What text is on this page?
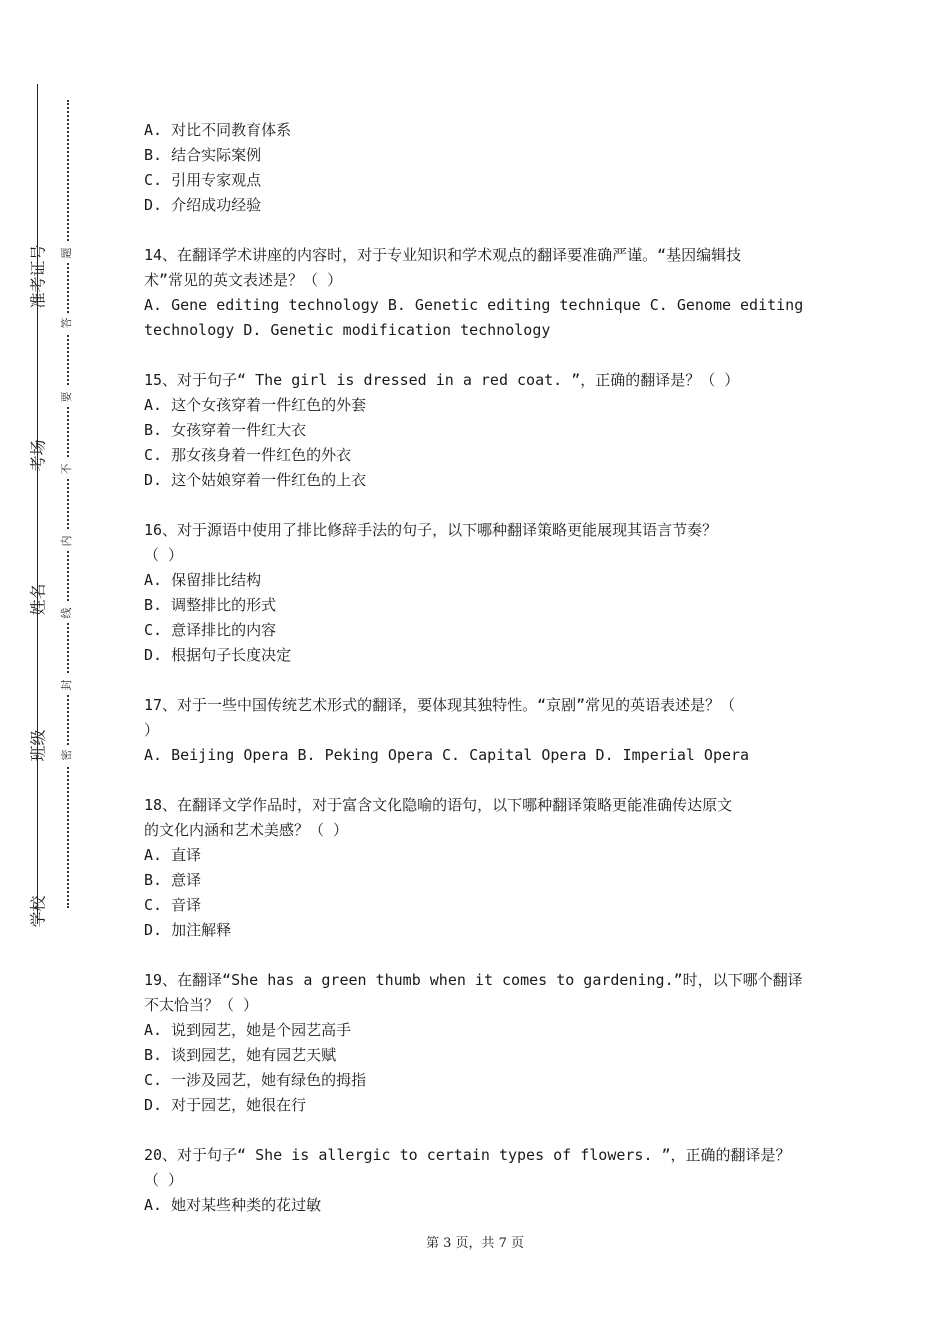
准考证号
考场
姓名
班级
学校
题
答
要
不
内
线
封
密

A. 对比不同教育体系

B. 结合实际案例

C. 引用专家观点

D. 介绍成功经验

14、在翻译学术讲座的内容时，对于专业知识和学术观点的翻译要准确严谨。“基因编辑技

术”常见的英文表述是？（ ）

A. Gene editing technology B. Genetic editing technique C. Genome editing

technology D. Genetic modification technology

15、对于句子“ The girl is dressed in a red coat. ”，正确的翻译是？（ ）

A. 这个女孩穿着一件红色的外套

B. 女孩穿着一件红大衣

C. 那女孩身着一件红色的外衣

D. 这个姑娘穿着一件红色的上衣

16、对于源语中使用了排比修辞手法的句子，以下哪种翻译策略更能展现其语言节奏？

（ ）

A. 保留排比结构

B. 调整排比的形式

C. 意译排比的内容

D. 根据句子长度决定

17、对于一些中国传统艺术形式的翻译，要体现其独特性。“京剧”常见的英语表述是？（

）

A. Beijing Opera B. Peking Opera C. Capital Opera D. Imperial Opera

18、在翻译文学作品时，对于富含文化隐喻的语句，以下哪种翻译策略更能准确传达原文

的文化内涵和艺术美感？（ ）

A. 直译

B. 意译

C. 音译

D. 加注解释

19、在翻译“She has a green thumb when it comes to gardening.”时，以下哪个翻译

不太恰当？（ ）

A. 说到园艺，她是个园艺高手

B. 谈到园艺，她有园艺天赋

C. 一涉及园艺，她有绿色的拇指

D. 对于园艺，她很在行

20、对于句子“ She is allergic to certain types of flowers. ”，正确的翻译是？

（ ）

A. 她对某些种类的花过敏

第 3 页，共 7 页
